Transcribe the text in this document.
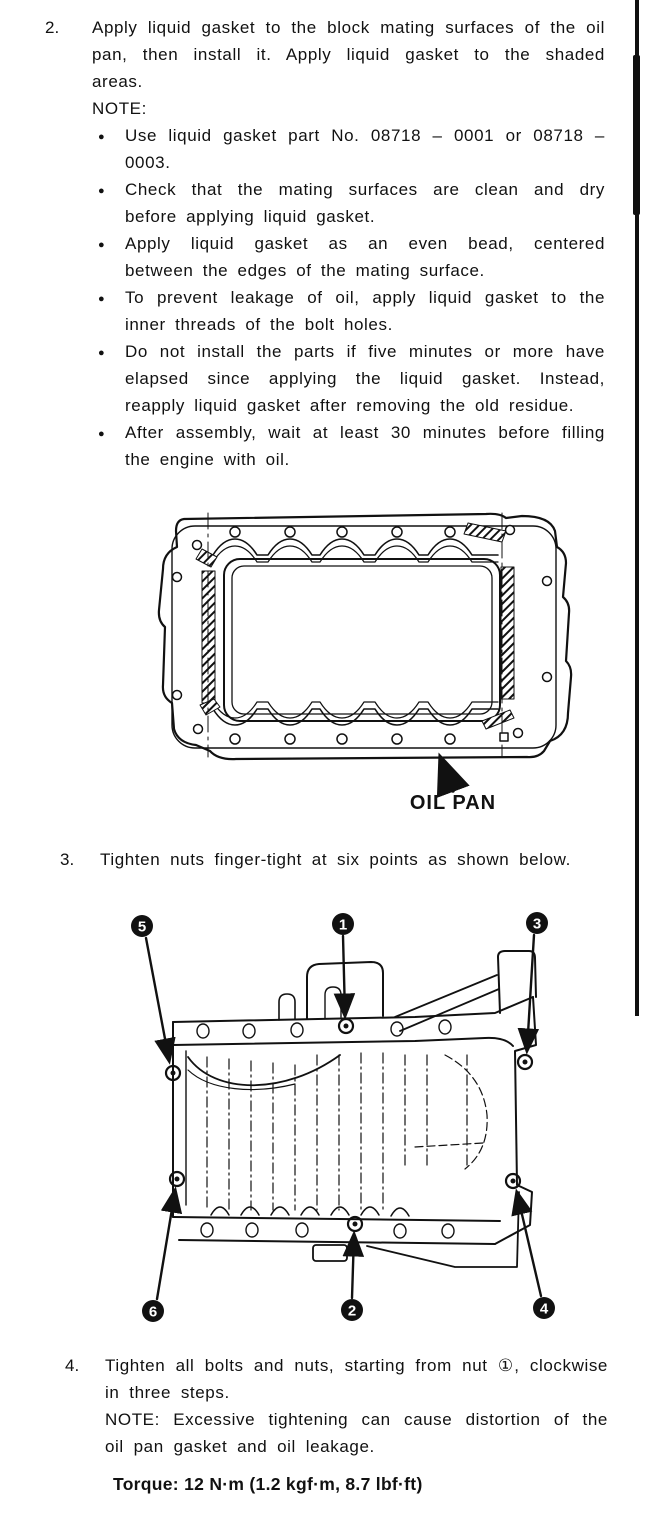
2.	Apply liquid gasket to the block mating surfaces of the oil pan, then install it. Apply liquid gasket to the shaded areas.

NOTE:

●	Use liquid gasket part No. 08718 – 0001 or 08718 – 0003.
●	Check that the mating surfaces are clean and dry before applying liquid gasket.
●	Apply liquid gasket as an even bead, centered between the edges of the mating surface.
●	To prevent leakage of oil, apply liquid gasket to the inner threads of the bolt holes.
●	Do not install the parts if five minutes or more have elapsed since applying the liquid gasket. Instead, reapply liquid gasket after removing the old residue.
●	After assembly, wait at least 30 minutes before filling the engine with oil.
OIL PAN
3.	Tighten nuts finger-tight at six points as shown below.

5	1	3
6	2	4
4.	Tighten all bolts and nuts, starting from nut ①, clockwise in three steps.

NOTE: Excessive tightening can cause distortion of the oil pan gasket and oil leakage.

Torque: 12 N·m (1.2 kgf·m, 8.7 lbf·ft)
